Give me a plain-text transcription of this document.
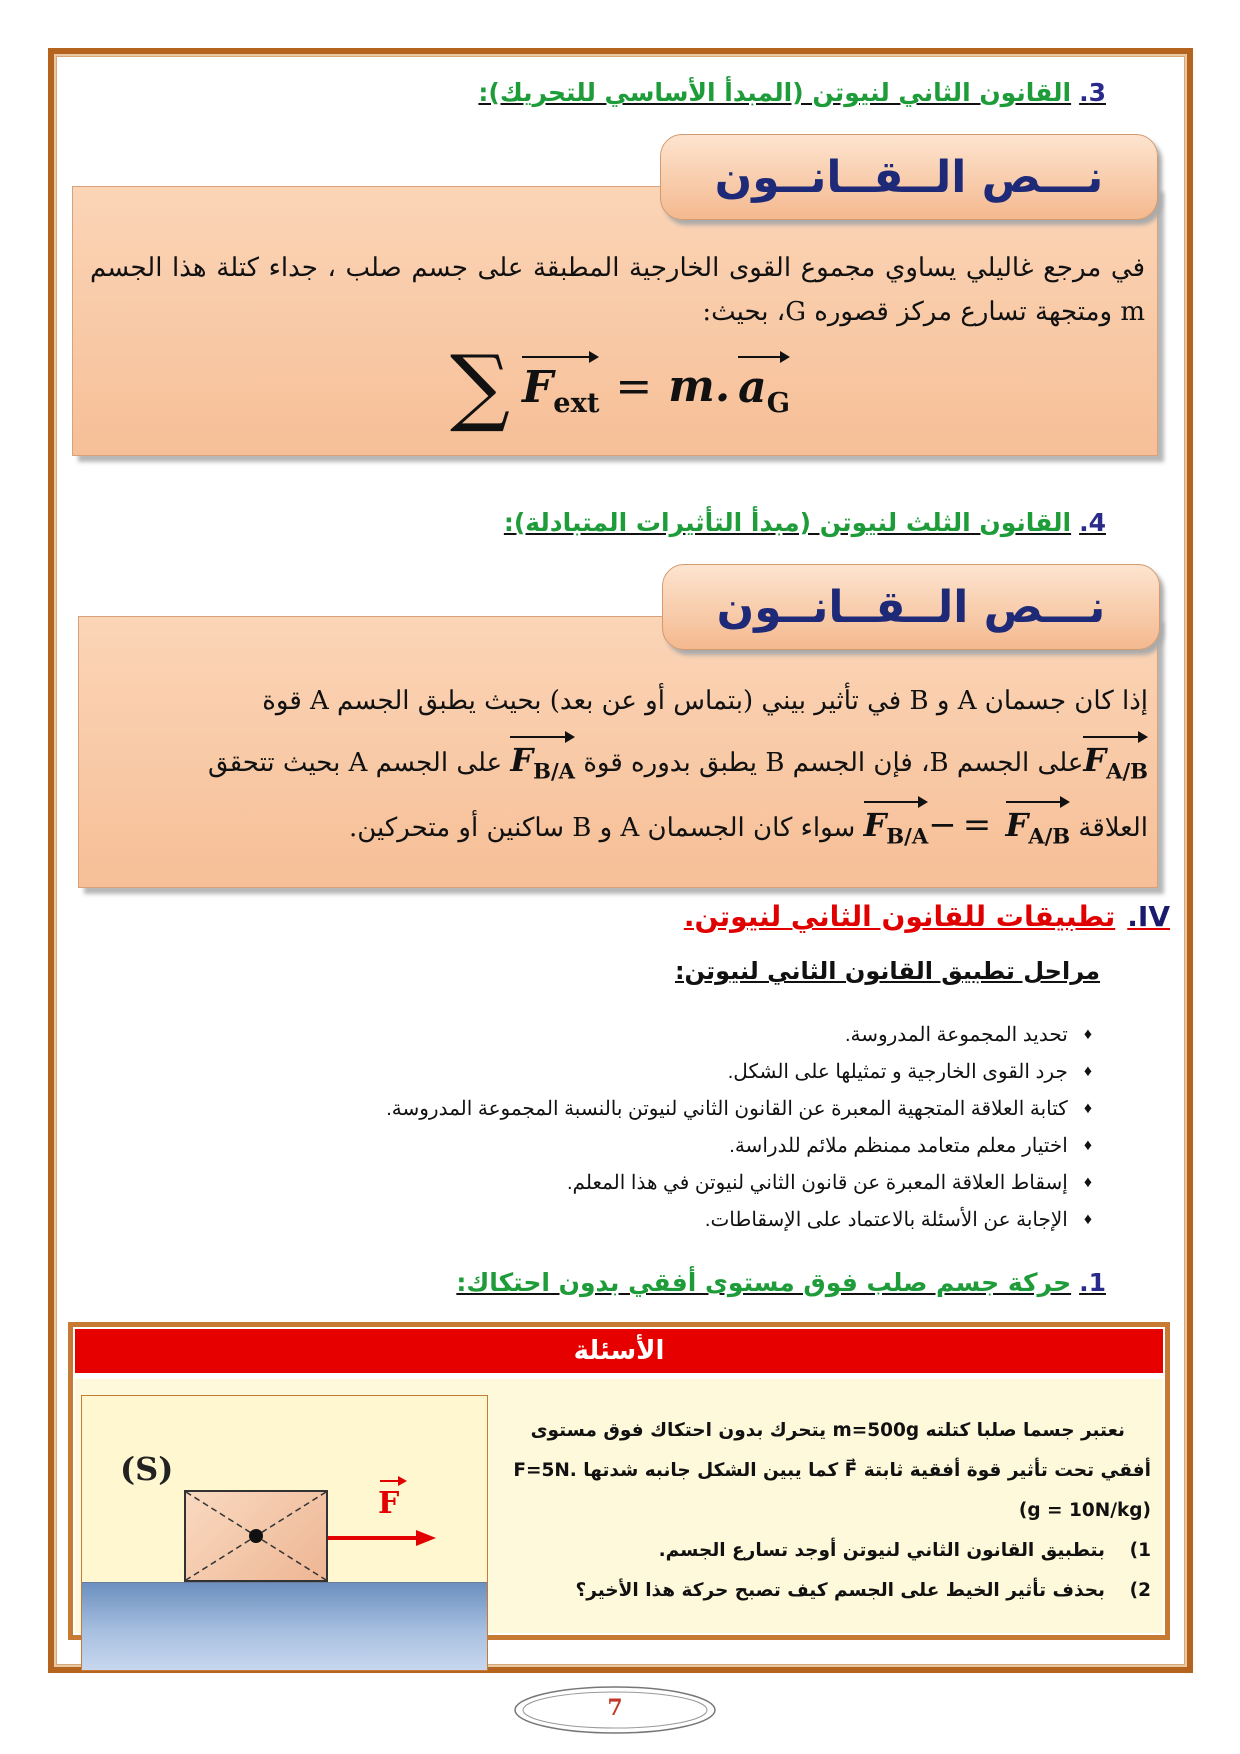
3.القانون الثاني لنيوتن (المبدأ الأساسي للتحريك):
نـــص الــقــانــون
في مرجع غاليلي يساوي مجموع القوى الخارجية المطبقة على جسم صلب ، جداء كتلة هذا الجسم m ومتجهة تسارع مركز قصوره G، بحيث:
∑ $F_{ext} = m$. $a_G$
4.القانون الثلث لنيوتن (مبدأ التأثيرات المتبادلة):
نـــص الــقــانــون
إذا كان جسمان A و B في تأثير بيني (بتماس أو عن بعد) بحيث يطبق الجسم A قوة
$F_{A/B}على$ الجسم B، فإن الجسم B يطبق بدوره قوة $F_{B/A}$ على الجسم A بحيث تتحقق
العلاقة $F_{A/B} =-F_{B/A}$ سواء كان الجسمان A و B ساكنين أو متحركين.
IV.تطبيقات للقانون الثاني لنيوتن.
مراحل تطبيق القانون الثاني لنيوتن:
♦
تحديد المجموعة المدروسة.
♦
جرد القوى الخارجية و تمثيلها على الشكل.
♦
كتابة العلاقة المتجهية المعبرة عن القانون الثاني لنيوتن بالنسبة المجموعة المدروسة.
♦
اختيار معلم متعامد ممنظم ملائم للدراسة.
♦
إسقاط العلاقة المعبرة عن قانون الثاني لنيوتن في هذا المعلم.
♦
الإجابة عن الأسئلة بالاعتماد على الإسقاطات.
1.حركة جسم صلب فوق مستوى أفقي بدون احتكاك:
الأسئلة
نعتبر جسما صلبا كتلته m=500g يتحرك بدون احتكاك فوق مستوى أفقي تحت تأثير قوة أفقية ثابتة F⃗ كما يبين الشكل جانبه شدتها F=5N. (g = 10N/kg)
1)
بتطبيق القانون الثاني لنيوتن أوجد تسارع الجسم.
2)
بحذف تأثير الخيط على الجسم كيف تصبح حركة هذا الأخير؟
(S)
F
7
